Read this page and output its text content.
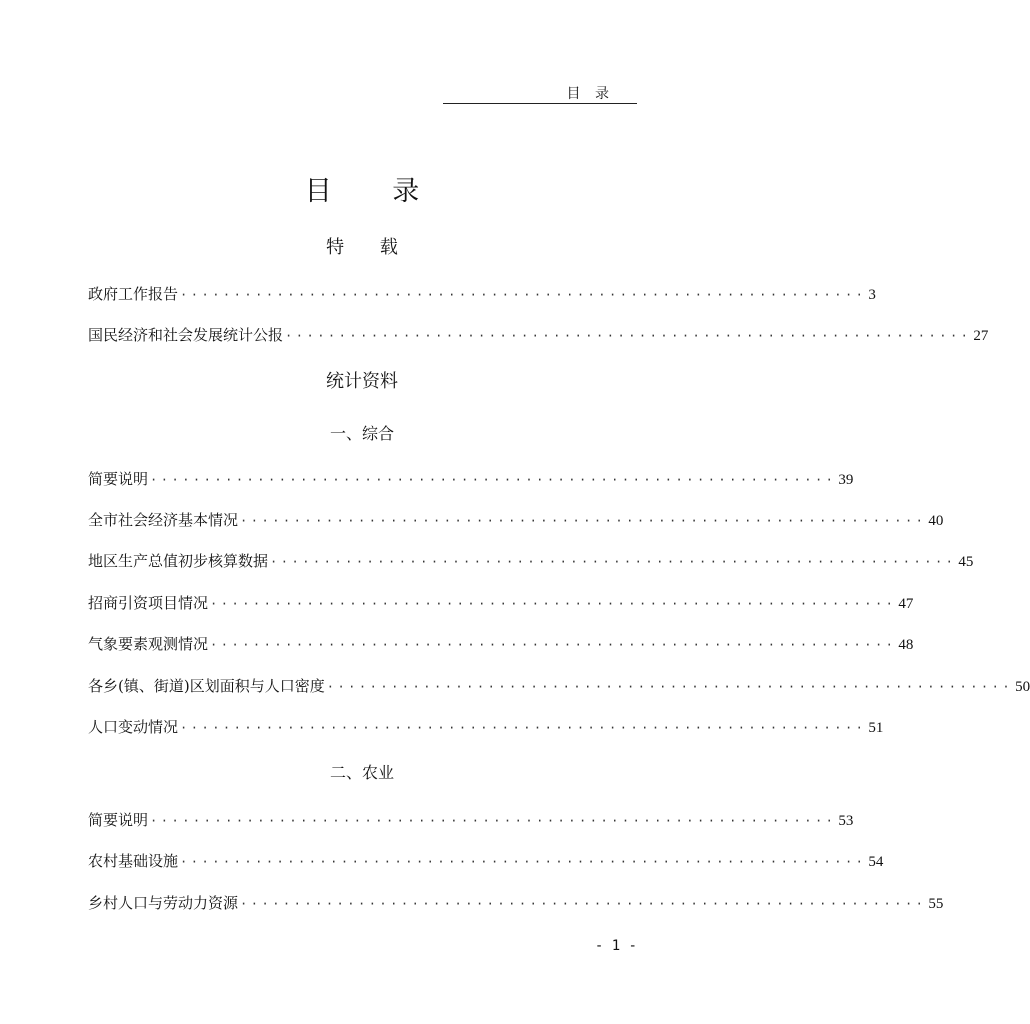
目 录
目 录
特 载
政府工作报告 ································································ 3
国民经济和社会发展统计公报 ································································ 27
统计资料
一、综合
简要说明 ································································ 39
全市社会经济基本情况 ································································ 40
地区生产总值初步核算数据 ································································ 45
招商引资项目情况 ································································ 47
气象要素观测情况 ································································ 48
各乡(镇、街道)区划面积与人口密度 ································································ 50
人口变动情况 ································································ 51
二、农业
简要说明 ································································ 53
农村基础设施 ································································ 54
乡村人口与劳动力资源 ································································ 55
- 1 -
